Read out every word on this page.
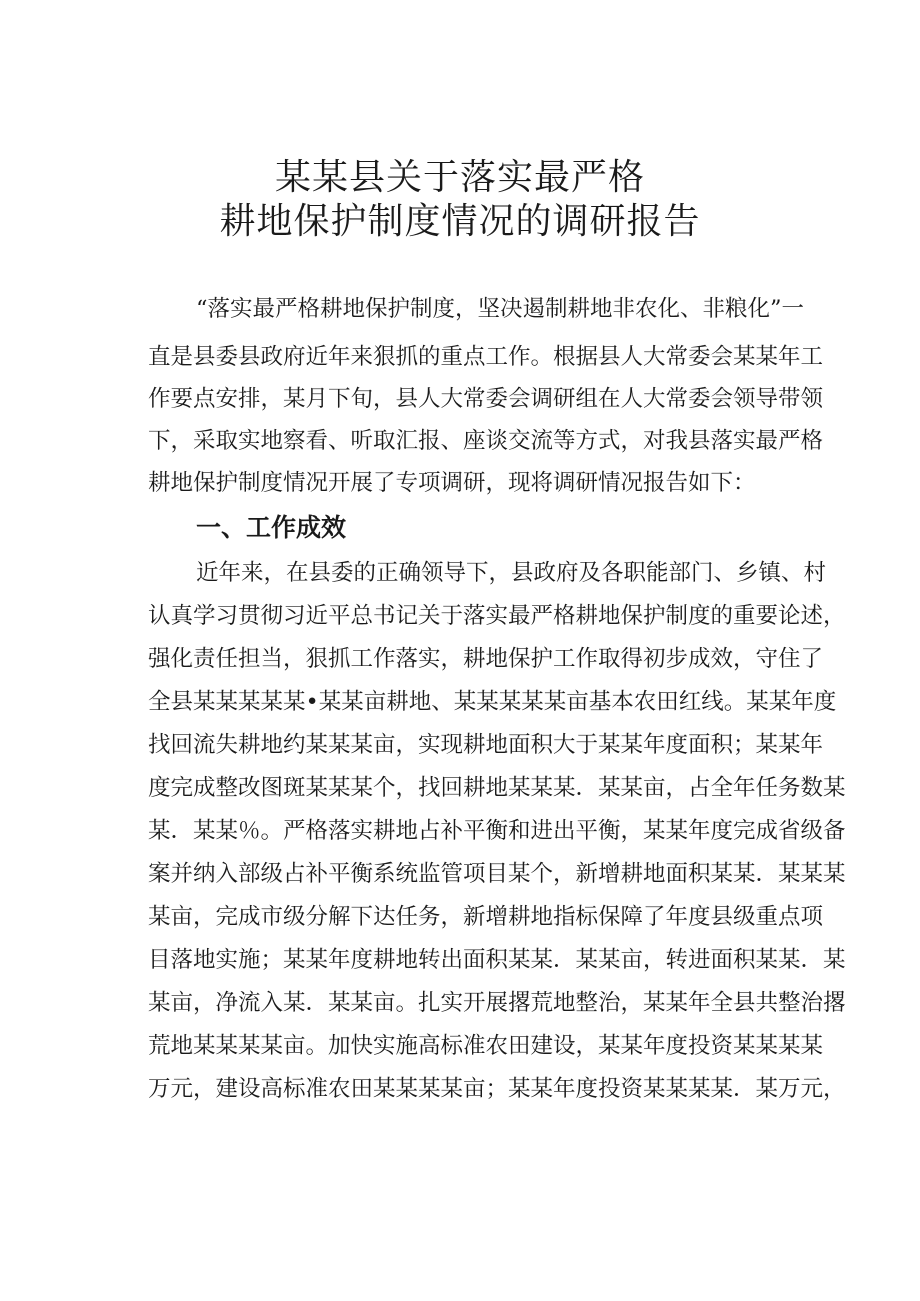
某某县关于落实最严格
耕地保护制度情况的调研报告

“落实最严格耕地保护制度，坚决遏制耕地非农化、非粮化”一

直是县委县政府近年来狠抓的重点工作。根据县人大常委会某某年工

作要点安排，某月下旬，县人大常委会调研组在人大常委会领导带领

下，采取实地察看、听取汇报、座谈交流等方式，对我县落实最严格

耕地保护制度情况开展了专项调研，现将调研情况报告如下：

一、工作成效

近年来，在县委的正确领导下，县政府及各职能部门、乡镇、村

认真学习贯彻习近平总书记关于落实最严格耕地保护制度的重要论述，

强化责任担当，狠抓工作落实，耕地保护工作取得初步成效，守住了

全县某某某某某•某某亩耕地、某某某某某亩基本农田红线。某某年度

找回流失耕地约某某某亩，实现耕地面积大于某某年度面积；某某年

度完成整改图斑某某某个，找回耕地某某某．某某亩，占全年任务数某

某．某某％。严格落实耕地占补平衡和进出平衡，某某年度完成省级备

案并纳入部级占补平衡系统监管项目某个，新增耕地面积某某．某某某

某亩，完成市级分解下达任务，新增耕地指标保障了年度县级重点项

目落地实施；某某年度耕地转出面积某某．某某亩，转进面积某某．某

某亩，净流入某．某某亩。扎实开展撂荒地整治，某某年全县共整治撂

荒地某某某某亩。加快实施高标准农田建设，某某年度投资某某某某

万元，建设高标准农田某某某某亩；某某年度投资某某某某．某万元，
